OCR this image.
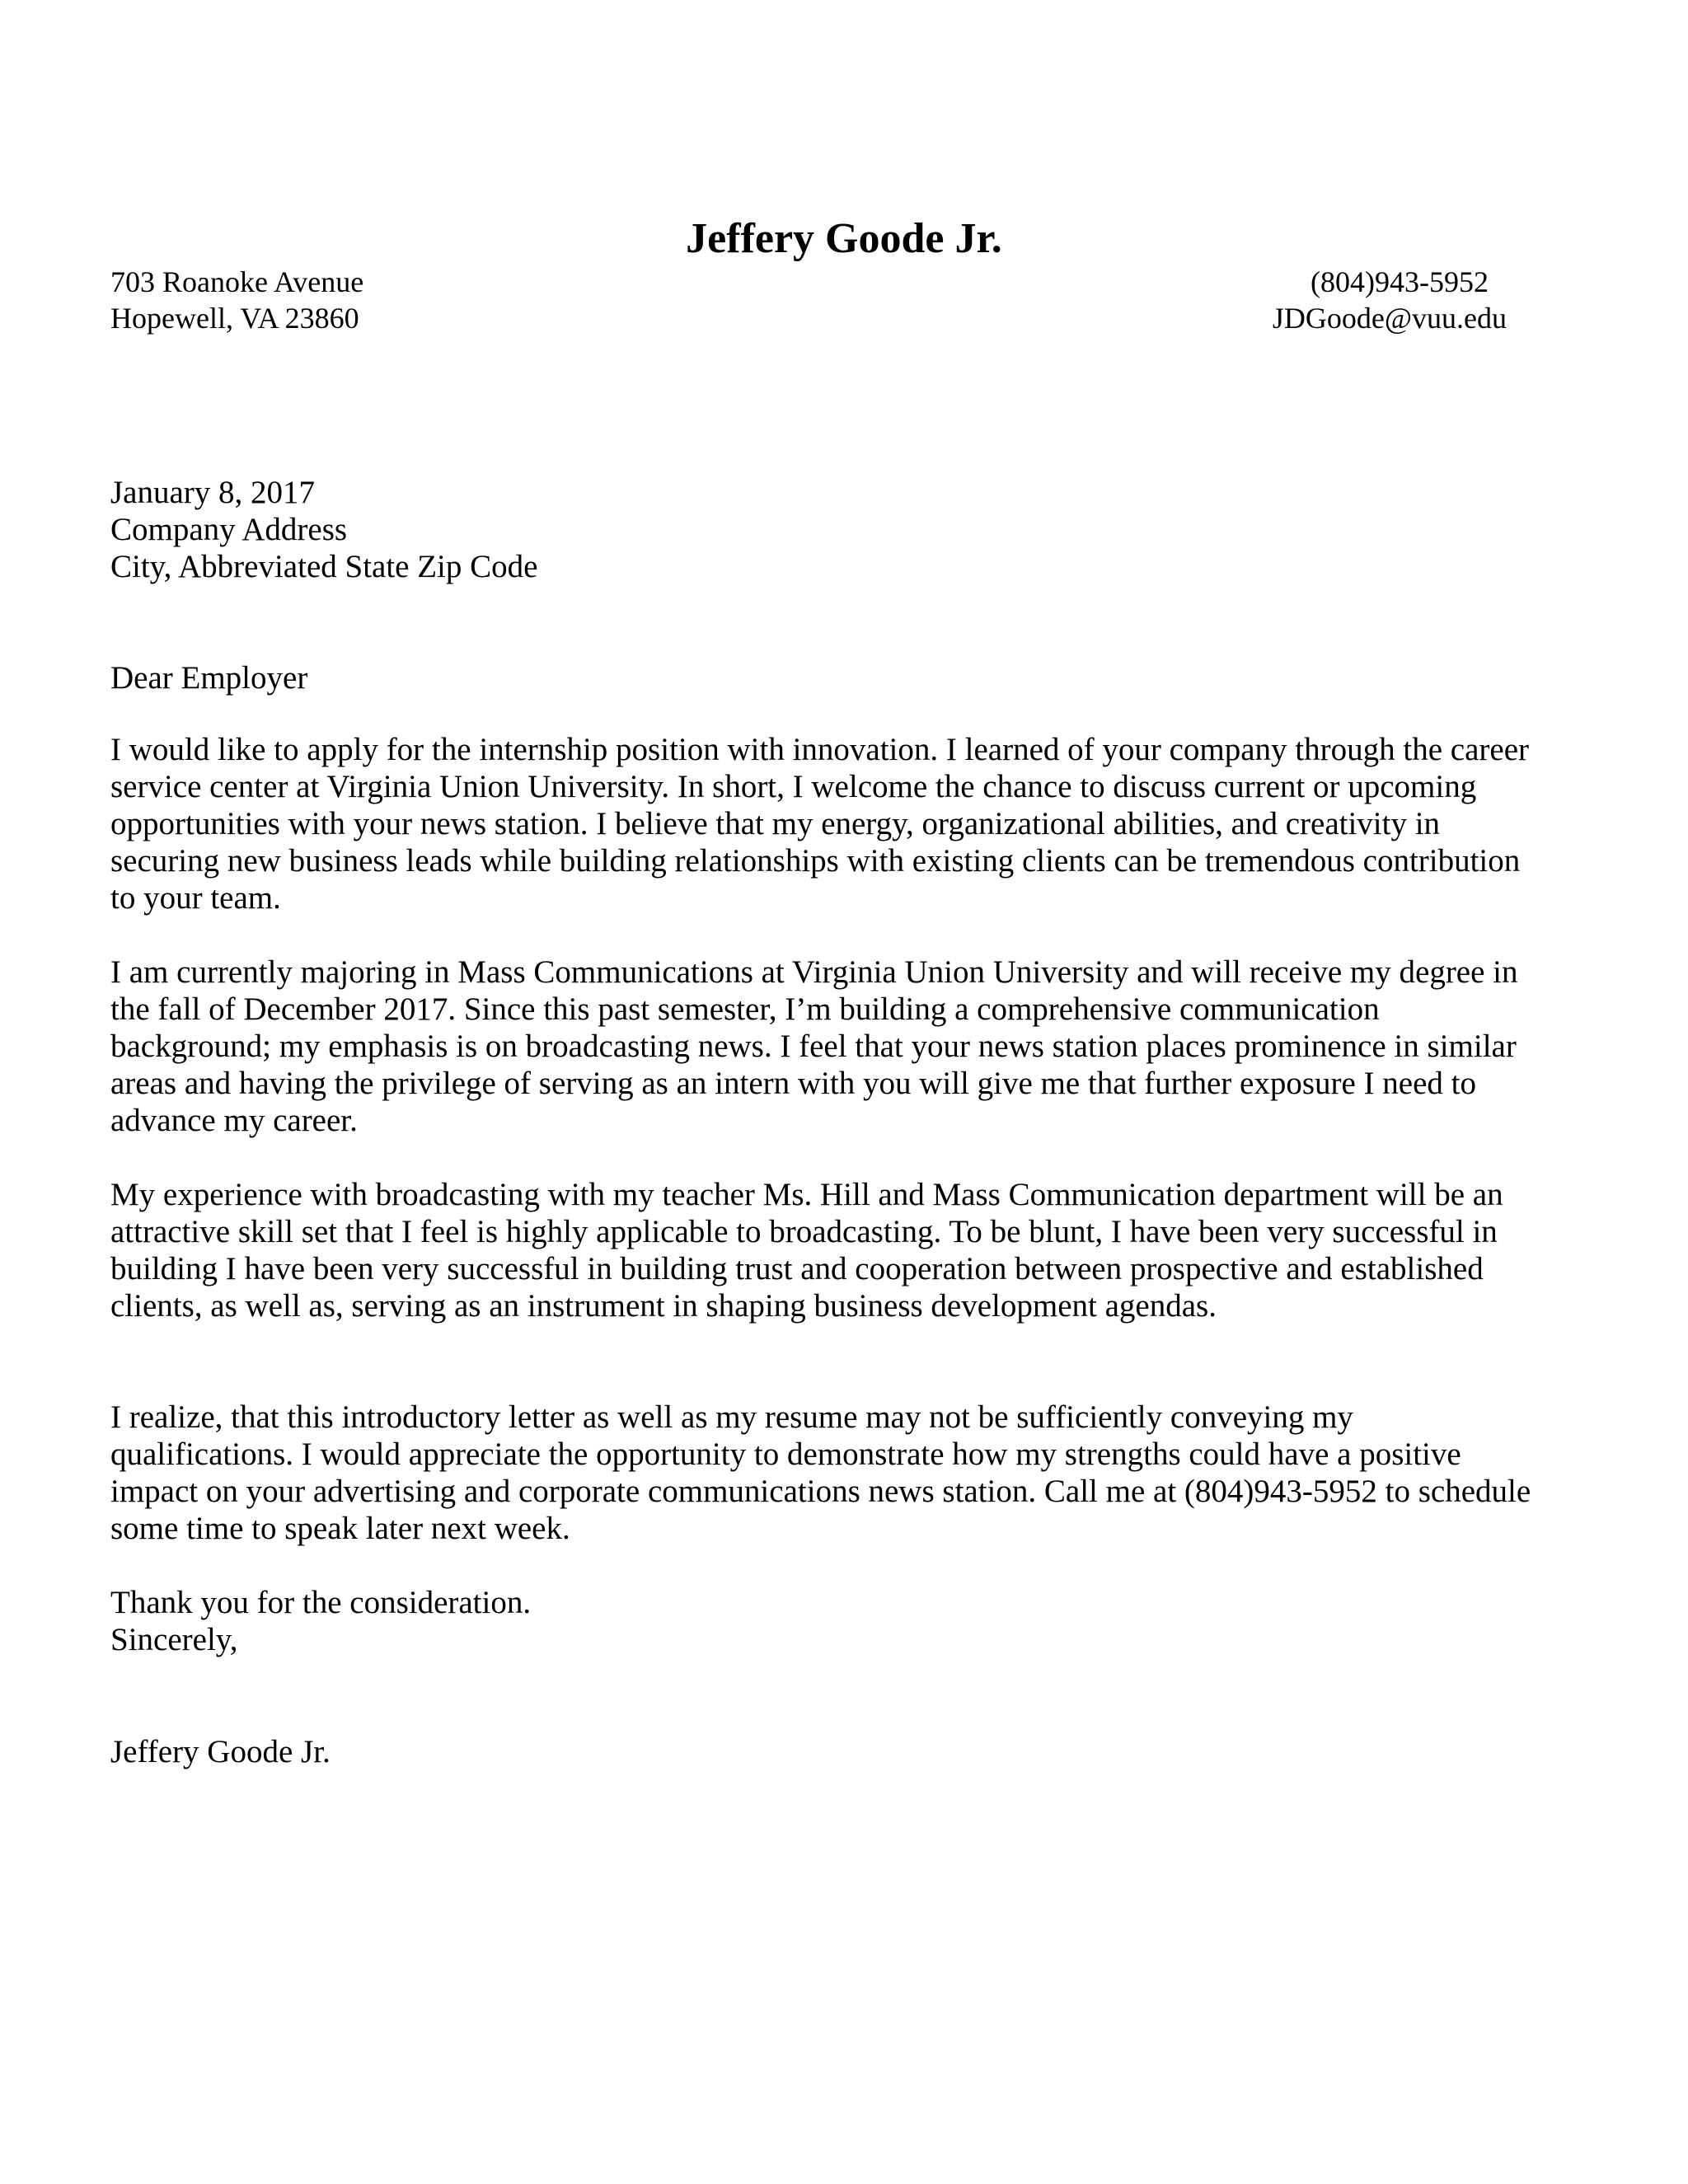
Jeffery Goode Jr.
703 Roanoke Avenue
Hopewell, VA 23860
(804)943-5952
JDGoode@vuu.edu
January 8, 2017
Company Address
City, Abbreviated State Zip Code
Dear Employer
I would like to apply for the internship position with innovation. I learned of your company through the career
service center at Virginia Union University. In short, I welcome the chance to discuss current or upcoming
opportunities with your news station. I believe that my energy, organizational abilities, and creativity in
securing new business leads while building relationships with existing clients can be tremendous contribution
to your team.
I am currently majoring in Mass Communications at Virginia Union University and will receive my degree in
the fall of December 2017. Since this past semester, I’m building a comprehensive communication
background; my emphasis is on broadcasting news. I feel that your news station places prominence in similar
areas and having the privilege of serving as an intern with you will give me that further exposure I need to
advance my career.
My experience with broadcasting with my teacher Ms. Hill and Mass Communication department will be an
attractive skill set that I feel is highly applicable to broadcasting. To be blunt, I have been very successful in
building I have been very successful in building trust and cooperation between prospective and established
clients, as well as, serving as an instrument in shaping business development agendas.
I realize, that this introductory letter as well as my resume may not be sufficiently conveying my
qualifications. I would appreciate the opportunity to demonstrate how my strengths could have a positive
impact on your advertising and corporate communications news station. Call me at (804)943-5952 to schedule
some time to speak later next week.
Thank you for the consideration.
Sincerely,
Jeffery Goode Jr.
